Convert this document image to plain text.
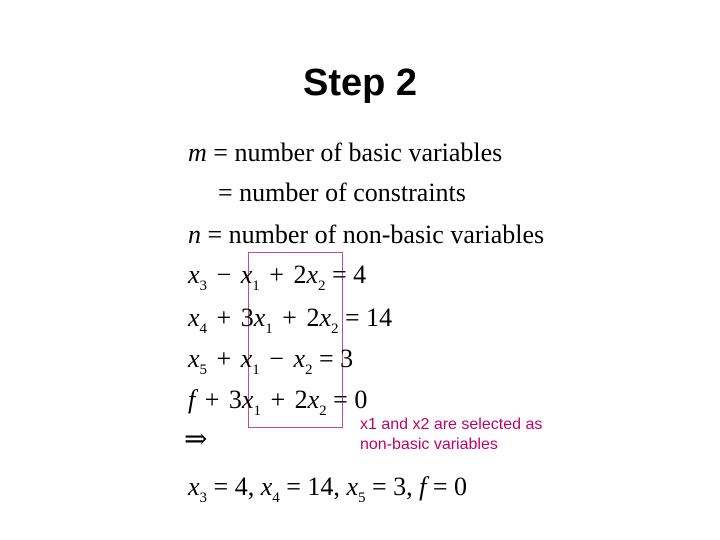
Step 2
m = number of basic variables
= number of constraints
n = number of non-basic variables
$x_3 - x_1 + 2x_2 = 4$
$x_4 + 3x_1 + 2x_2 = 14$
$x_5 + x_1 - x_2 = 3$
$f + 3x_1 + 2x_2 = 0$
x1 and x2 are selected as
non-basic variables
⇒
$x_3 = 4$, $x_4 = 14$, $x_5 = 3$, f = 0
